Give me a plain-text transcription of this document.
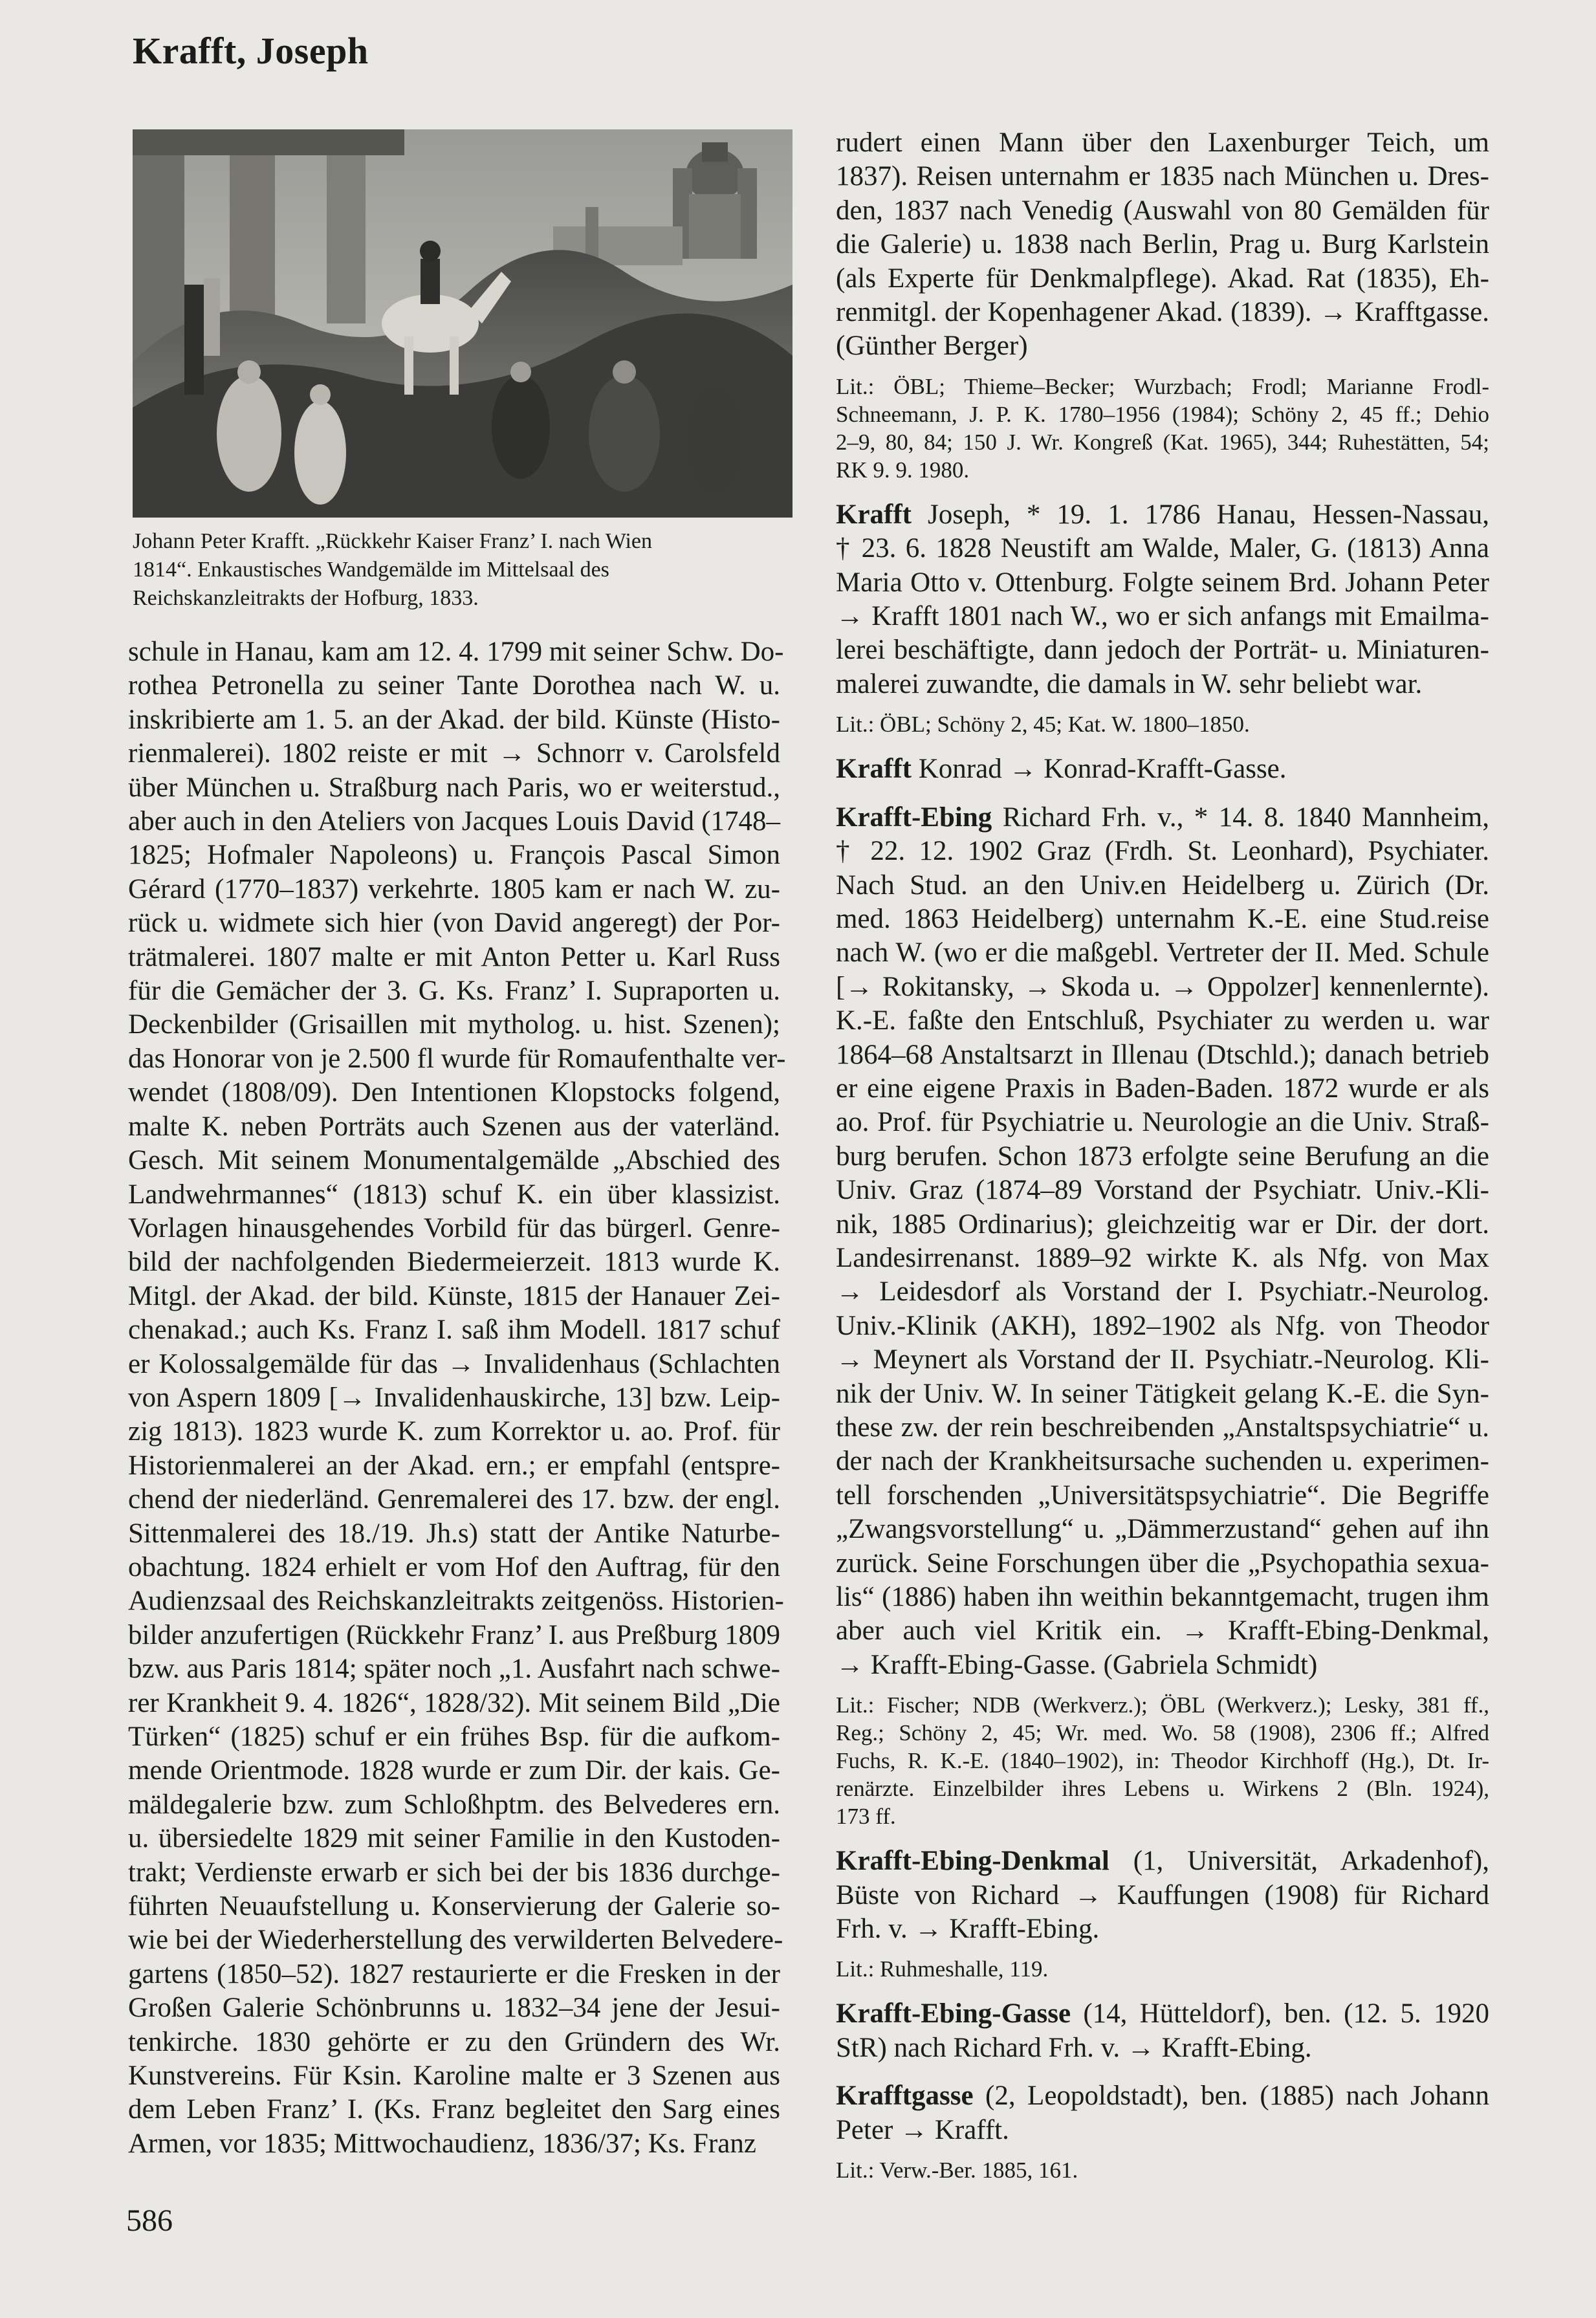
Krafft, Joseph
Johann Peter Krafft. „Rückkehr Kaiser Franz’ I. nach Wien
1814“. Enkaustisches Wandgemälde im Mittelsaal des
Reichskanzleitrakts der Hofburg, 1833.
schule in Hanau, kam am 12. 4. 1799 mit seiner Schw. Do-
rothea Petronella zu seiner Tante Dorothea nach W. u.
inskribierte am 1. 5. an der Akad. der bild. Künste (Histo-
rienmalerei). 1802 reiste er mit → Schnorr v. Carolsfeld
über München u. Straßburg nach Paris, wo er weiterstud.,
aber auch in den Ateliers von Jacques Louis David (1748–
1825; Hofmaler Napoleons) u. François Pascal Simon
Gérard (1770–1837) verkehrte. 1805 kam er nach W. zu-
rück u. widmete sich hier (von David angeregt) der Por-
trätmalerei. 1807 malte er mit Anton Petter u. Karl Russ
für die Gemächer der 3. G. Ks. Franz’ I. Supraporten u.
Deckenbilder (Grisaillen mit mytholog. u. hist. Szenen);
das Honorar von je 2.500 fl wurde für Romaufenthalte ver-
wendet (1808/09). Den Intentionen Klopstocks folgend,
malte K. neben Porträts auch Szenen aus der vaterländ.
Gesch. Mit seinem Monumentalgemälde „Abschied des
Landwehrmannes“ (1813) schuf K. ein über klassizist.
Vorlagen hinausgehendes Vorbild für das bürgerl. Genre-
bild der nachfolgenden Biedermeierzeit. 1813 wurde K.
Mitgl. der Akad. der bild. Künste, 1815 der Hanauer Zei-
chenakad.; auch Ks. Franz I. saß ihm Modell. 1817 schuf
er Kolossalgemälde für das → Invalidenhaus (Schlachten
von Aspern 1809 [→ Invalidenhauskirche, 13] bzw. Leip-
zig 1813). 1823 wurde K. zum Korrektor u. ao. Prof. für
Historienmalerei an der Akad. ern.; er empfahl (entspre-
chend der niederländ. Genremalerei des 17. bzw. der engl.
Sittenmalerei des 18./19. Jh.s) statt der Antike Naturbe-
obachtung. 1824 erhielt er vom Hof den Auftrag, für den
Audienzsaal des Reichskanzleitrakts zeitgenöss. Historien-
bilder anzufertigen (Rückkehr Franz’ I. aus Preßburg 1809
bzw. aus Paris 1814; später noch „1. Ausfahrt nach schwe-
rer Krankheit 9. 4. 1826“, 1828/32). Mit seinem Bild „Die
Türken“ (1825) schuf er ein frühes Bsp. für die aufkom-
mende Orientmode. 1828 wurde er zum Dir. der kais. Ge-
mäldegalerie bzw. zum Schloßhptm. des Belvederes ern.
u. übersiedelte 1829 mit seiner Familie in den Kustoden-
trakt; Verdienste erwarb er sich bei der bis 1836 durchge-
führten Neuaufstellung u. Konservierung der Galerie so-
wie bei der Wiederherstellung des verwilderten Belvedere-
gartens (1850–52). 1827 restaurierte er die Fresken in der
Großen Galerie Schönbrunns u. 1832–34 jene der Jesui-
tenkirche. 1830 gehörte er zu den Gründern des Wr.
Kunstvereins. Für Ksin. Karoline malte er 3 Szenen aus
dem Leben Franz’ I. (Ks. Franz begleitet den Sarg eines
Armen, vor 1835; Mittwochaudienz, 1836/37; Ks. Franz
rudert einen Mann über den Laxenburger Teich, um
1837). Reisen unternahm er 1835 nach München u. Dres-
den, 1837 nach Venedig (Auswahl von 80 Gemälden für
die Galerie) u. 1838 nach Berlin, Prag u. Burg Karlstein
(als Experte für Denkmalpflege). Akad. Rat (1835), Eh-
renmitgl. der Kopenhagener Akad. (1839). → Krafftgasse.
(Günther Berger)
Lit.: ÖBL; Thieme–Becker; Wurzbach; Frodl; Marianne Frodl-
Schneemann, J. P. K. 1780–1956 (1984); Schöny 2, 45 ff.; Dehio
2–9, 80, 84; 150 J. Wr. Kongreß (Kat. 1965), 344; Ruhestätten, 54;
RK 9. 9. 1980.
Krafft Joseph, * 19. 1. 1786 Hanau, Hessen-Nassau,
† 23. 6. 1828 Neustift am Walde, Maler, G. (1813) Anna
Maria Otto v. Ottenburg. Folgte seinem Brd. Johann Peter
→ Krafft 1801 nach W., wo er sich anfangs mit Emailma-
lerei beschäftigte, dann jedoch der Porträt- u. Miniaturen-
malerei zuwandte, die damals in W. sehr beliebt war.
Lit.: ÖBL; Schöny 2, 45; Kat. W. 1800–1850.
Krafft Konrad → Konrad-Krafft-Gasse.
Krafft-Ebing Richard Frh. v., * 14. 8. 1840 Mannheim,
† 22. 12. 1902 Graz (Frdh. St. Leonhard), Psychiater.
Nach Stud. an den Univ.en Heidelberg u. Zürich (Dr.
med. 1863 Heidelberg) unternahm K.-E. eine Stud.reise
nach W. (wo er die maßgebl. Vertreter der II. Med. Schule
[→ Rokitansky, → Skoda u. → Oppolzer] kennenlernte).
K.-E. faßte den Entschluß, Psychiater zu werden u. war
1864–68 Anstaltsarzt in Illenau (Dtschld.); danach betrieb
er eine eigene Praxis in Baden-Baden. 1872 wurde er als
ao. Prof. für Psychiatrie u. Neurologie an die Univ. Straß-
burg berufen. Schon 1873 erfolgte seine Berufung an die
Univ. Graz (1874–89 Vorstand der Psychiatr. Univ.-Kli-
nik, 1885 Ordinarius); gleichzeitig war er Dir. der dort.
Landesirrenanst. 1889–92 wirkte K. als Nfg. von Max
→ Leidesdorf als Vorstand der I. Psychiatr.-Neurolog.
Univ.-Klinik (AKH), 1892–1902 als Nfg. von Theodor
→ Meynert als Vorstand der II. Psychiatr.-Neurolog. Kli-
nik der Univ. W. In seiner Tätigkeit gelang K.-E. die Syn-
these zw. der rein beschreibenden „Anstaltspsychiatrie“ u.
der nach der Krankheitsursache suchenden u. experimen-
tell forschenden „Universitätspsychiatrie“. Die Begriffe
„Zwangsvorstellung“ u. „Dämmerzustand“ gehen auf ihn
zurück. Seine Forschungen über die „Psychopathia sexua-
lis“ (1886) haben ihn weithin bekanntgemacht, trugen ihm
aber auch viel Kritik ein. → Krafft-Ebing-Denkmal,
→ Krafft-Ebing-Gasse. (Gabriela Schmidt)
Lit.: Fischer; NDB (Werkverz.); ÖBL (Werkverz.); Lesky, 381 ff.,
Reg.; Schöny 2, 45; Wr. med. Wo. 58 (1908), 2306 ff.; Alfred
Fuchs, R. K.-E. (1840–1902), in: Theodor Kirchhoff (Hg.), Dt. Ir-
renärzte. Einzelbilder ihres Lebens u. Wirkens 2 (Bln. 1924),
173 ff.
Krafft-Ebing-Denkmal (1, Universität, Arkadenhof),
Büste von Richard → Kauffungen (1908) für Richard
Frh. v. → Krafft-Ebing.
Lit.: Ruhmeshalle, 119.
Krafft-Ebing-Gasse (14, Hütteldorf), ben. (12. 5. 1920
StR) nach Richard Frh. v. → Krafft-Ebing.
Krafftgasse (2, Leopoldstadt), ben. (1885) nach Johann
Peter → Krafft.
Lit.: Verw.-Ber. 1885, 161.
586
